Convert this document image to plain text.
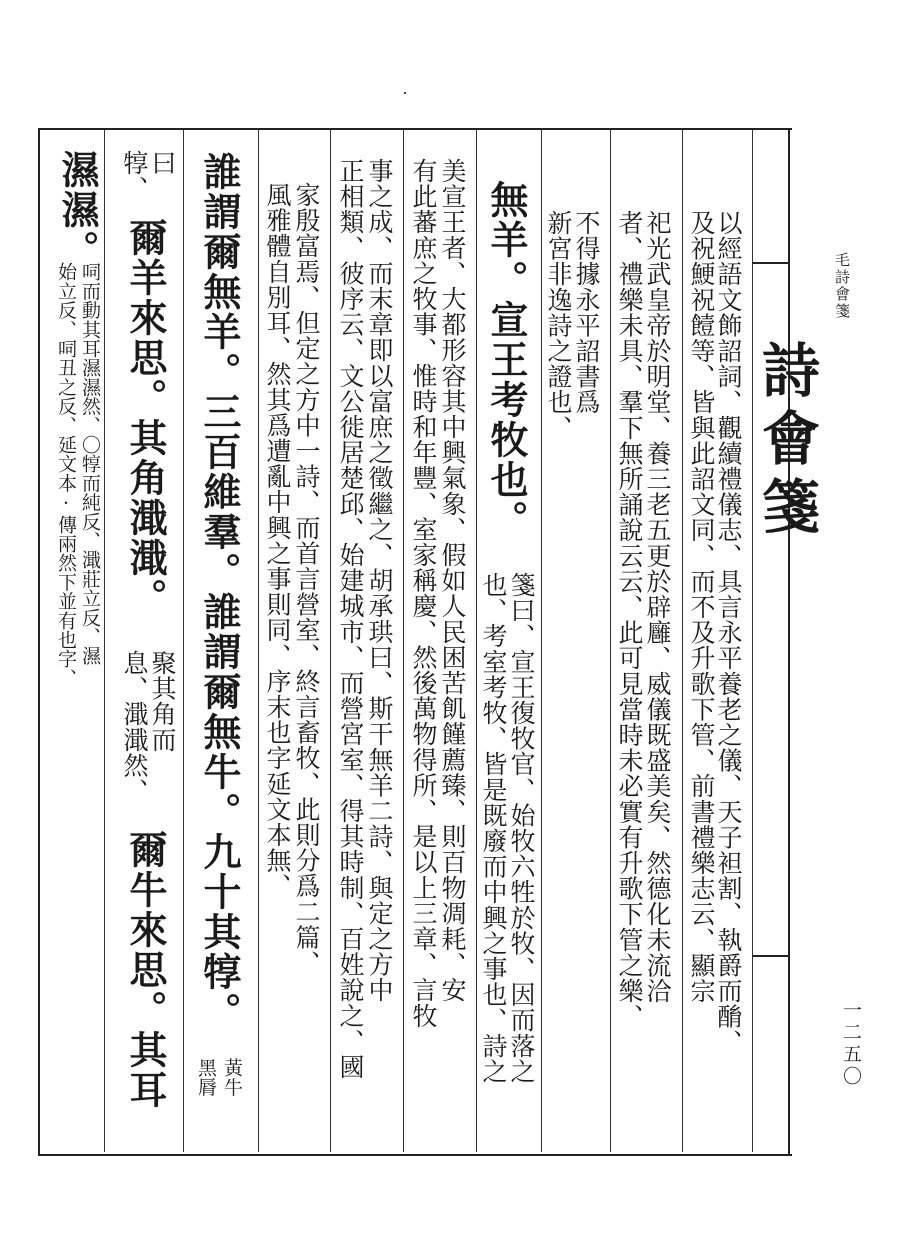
詩
會
箋
以經語文飾詔詞、觀續禮儀志、具言永平養老之儀、天子袒割、執爵而酳、
及祝鯁祝饐等、皆與此詔文同、而不及升歌下管、前書禮樂志云、顯宗
祀光武皇帝於明堂、養三老五更於辟廱、威儀既盛美矣、然德化未流洽
者、禮樂未具、羣下無所誦說云云、此可見當時未必實有升歌下管之樂、
不得據永平詔書爲
新宮非逸詩之證也、
無羊。宣王考牧也。
箋曰、宣王復牧官、始牧六牲於牧、因而落之
也、考室考牧、皆是既廢而中興之事也、詩之
美宣王者、大都形容其中興氣象、假如人民困苦飢饉薦臻、則百物凋耗、安
有此蕃庶之牧事、惟時和年豐、室家稱慶、然後萬物得所、是以上三章、言牧
事之成、而末章即以富庶之徵繼之、胡承珙曰、斯干無羊二詩、與定之方中
正相類、彼序云、文公徙居楚邱、始建城市、而營宮室、得其時制、百姓說之、國
家殷富焉、但定之方中一詩、而首言營室、終言畜牧、此則分爲二篇、
風雅體自別耳、然其爲遭亂中興之事則同、序末也字延文本無、
誰謂爾無羊。三百維羣。誰謂爾無牛。九十其犉。
黃牛
黑脣
曰
犉、
爾羊來思。其角濈濈。
聚其角而
息、濈濈然、
爾牛來思。其耳
濕濕。
呞而動其耳濕濕然、〇犉而純反、濈莊立反、濕
始立反、呞丑之反、延文本·傳兩然下並有也字、	毛詩會箋
一二五〇
